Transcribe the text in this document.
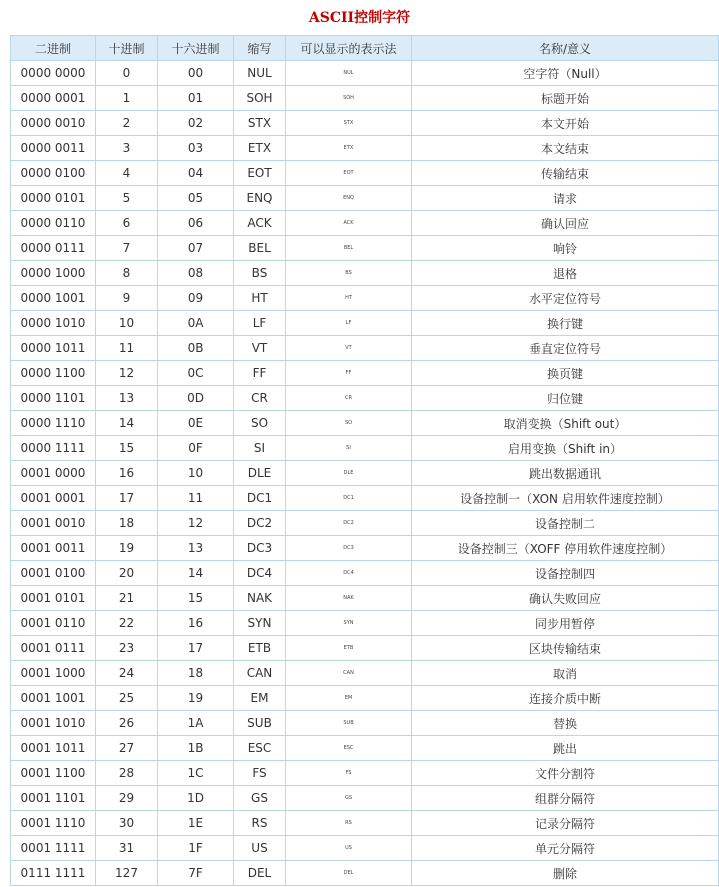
ASCII控制字符
二进制	十进制	十六进制	缩写	可以显示的表示法	名称/意义
0000 0000	0	00	NUL	NUL	空字符（Null）
0000 0001	1	01	SOH	SOH	标题开始
0000 0010	2	02	STX	STX	本文开始
0000 0011	3	03	ETX	ETX	本文结束
0000 0100	4	04	EOT	EOT	传输结束
0000 0101	5	05	ENQ	ENQ	请求
0000 0110	6	06	ACK	ACK	确认回应
0000 0111	7	07	BEL	BEL	响铃
0000 1000	8	08	BS	BS	退格
0000 1001	9	09	HT	HT	水平定位符号
0000 1010	10	0A	LF	LF	换行键
0000 1011	11	0B	VT	VT	垂直定位符号
0000 1100	12	0C	FF	FF	换页键
0000 1101	13	0D	CR	CR	归位键
0000 1110	14	0E	SO	SO	取消变换（Shift out）
0000 1111	15	0F	SI	SI	启用变换（Shift in）
0001 0000	16	10	DLE	DLE	跳出数据通讯
0001 0001	17	11	DC1	DC1	设备控制一（XON 启用软件速度控制）
0001 0010	18	12	DC2	DC2	设备控制二
0001 0011	19	13	DC3	DC3	设备控制三（XOFF 停用软件速度控制）
0001 0100	20	14	DC4	DC4	设备控制四
0001 0101	21	15	NAK	NAK	确认失败回应
0001 0110	22	16	SYN	SYN	同步用暂停
0001 0111	23	17	ETB	ETB	区块传输结束
0001 1000	24	18	CAN	CAN	取消
0001 1001	25	19	EM	EM	连接介质中断
0001 1010	26	1A	SUB	SUB	替换
0001 1011	27	1B	ESC	ESC	跳出
0001 1100	28	1C	FS	FS	文件分割符
0001 1101	29	1D	GS	GS	组群分隔符
0001 1110	30	1E	RS	RS	记录分隔符
0001 1111	31	1F	US	US	单元分隔符
0111 1111	127	7F	DEL	DEL	删除
